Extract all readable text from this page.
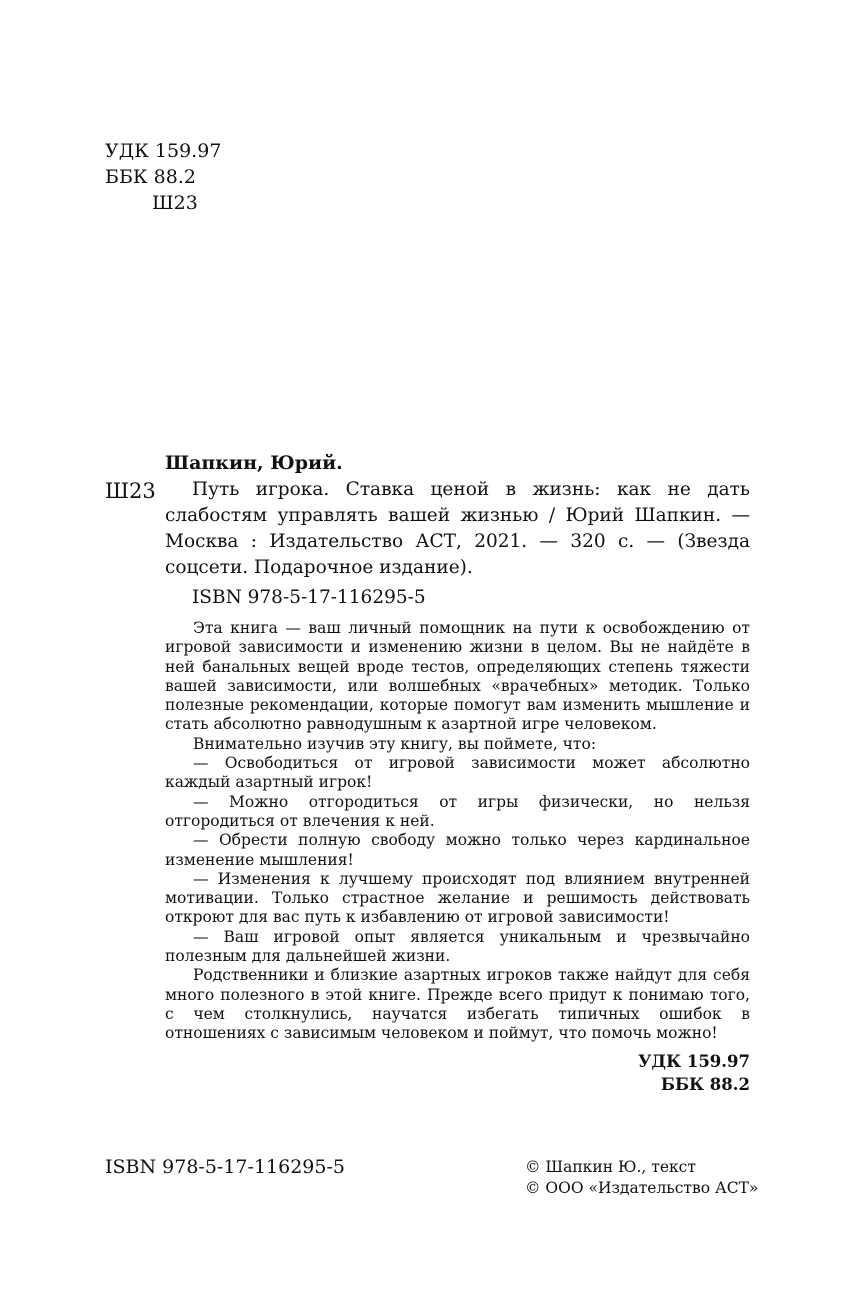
УДК 159.97
ББК 88.2
Ш23
Ш23

Шапкин, Юрий.

Путь игрока. Ставка ценой в жизнь: как не дать слабостям управлять вашей жизнью / Юрий Шапкин. — Москва : Издательство АСТ, 2021. — 320 с. — (Звезда соцсети. Подарочное издание).

ISBN 978-5-17-116295-5

Эта книга — ваш личный помощник на пути к освобождению от игровой зависимости и изменению жизни в целом. Вы не найдёте в ней банальных вещей вроде тестов, определяющих степень тяжести вашей зависимости, или волшебных «врачебных» методик. Только полезные рекомендации, которые помогут вам изменить мышление и стать абсолютно равнодушным к азартной игре человеком.

Внимательно изучив эту книгу, вы поймете, что:

— Освободиться от игровой зависимости может абсолютно каждый азартный игрок!

— Можно отгородиться от игры физически, но нельзя отгородиться от влечения к ней.

— Обрести полную свободу можно только через кардинальное изменение мышления!

— Изменения к лучшему происходят под влиянием внутренней мотивации. Только страстное желание и решимость действовать откроют для вас путь к избавлению от игровой зависимости!

— Ваш игровой опыт является уникальным и чрезвычайно полезным для дальнейшей жизни.

Родственники и близкие азартных игроков также найдут для себя много полезного в этой книге. Прежде всего придут к понимаю того, с чем столкнулись, научатся избегать типичных ошибок в отношениях с зависимым человеком и поймут, что помочь можно!

УДК 159.97
ББК 88.2
ISBN 978-5-17-116295-5	© Шапкин Ю., текст
© ООО «Издательство АСТ»
